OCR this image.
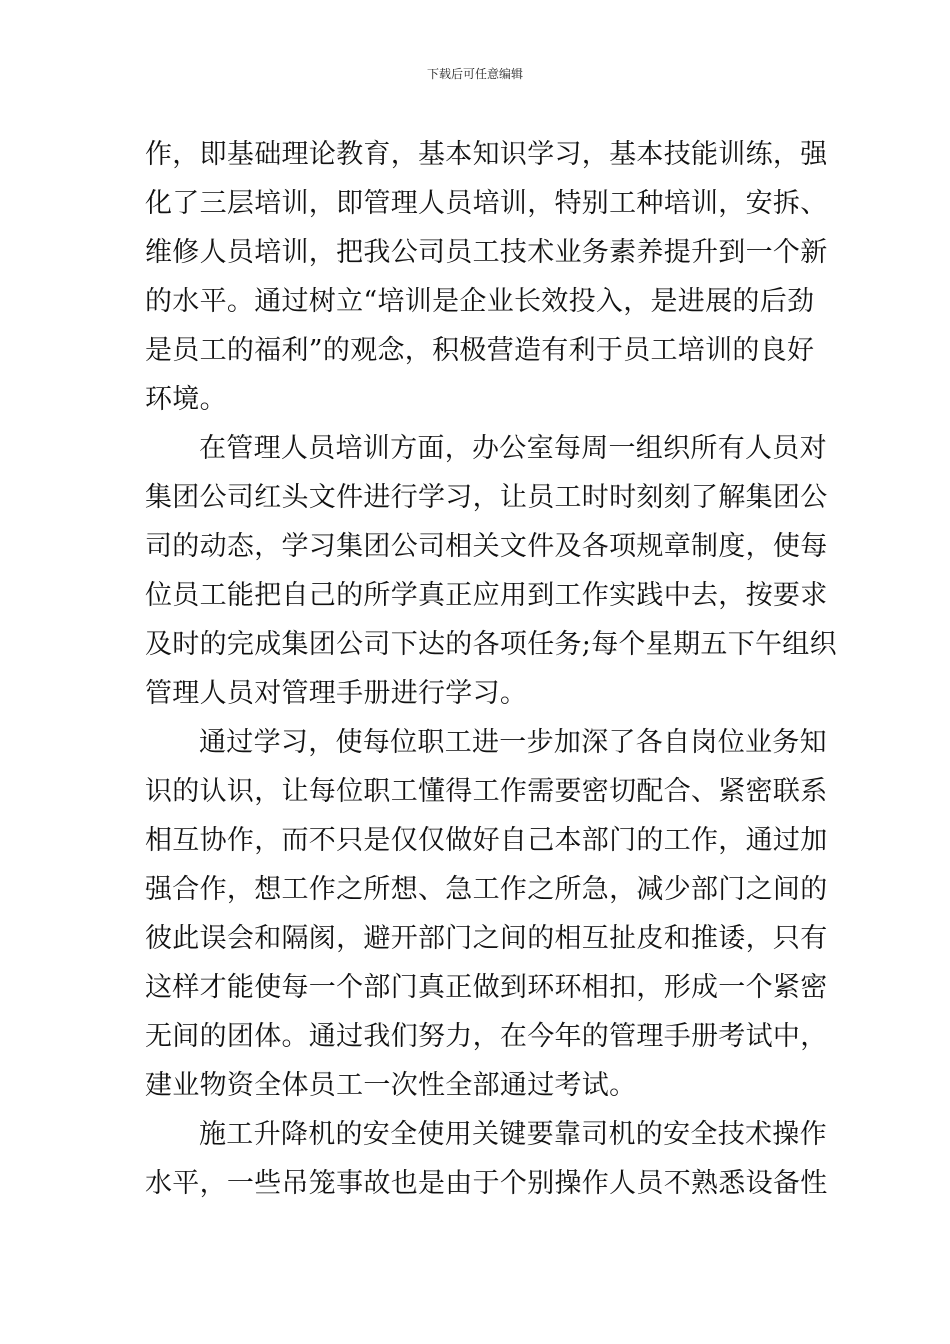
下载后可任意编辑
作，即基础理论教育，基本知识学习，基本技能训练，强
化了三层培训，即管理人员培训，特别工种培训，安拆、
维修人员培训，把我公司员工技术业务素养提升到一个新
的水平。通过树立“培训是企业长效投入，是进展的后劲
是员工的福利”的观念，积极营造有利于员工培训的良好
环境。
在管理人员培训方面，办公室每周一组织所有人员对
集团公司红头文件进行学习，让员工时时刻刻了解集团公
司的动态，学习集团公司相关文件及各项规章制度，使每
位员工能把自己的所学真正应用到工作实践中去，按要求
及时的完成集团公司下达的各项任务;每个星期五下午组织
管理人员对管理手册进行学习。
通过学习，使每位职工进一步加深了各自岗位业务知
识的认识，让每位职工懂得工作需要密切配合、紧密联系
相互协作，而不只是仅仅做好自己本部门的工作，通过加
强合作，想工作之所想、急工作之所急，减少部门之间的
彼此误会和隔阂，避开部门之间的相互扯皮和推诿，只有
这样才能使每一个部门真正做到环环相扣，形成一个紧密
无间的团体。通过我们努力，在今年的管理手册考试中，
建业物资全体员工一次性全部通过考试。
施工升降机的安全使用关键要靠司机的安全技术操作
水平，一些吊笼事故也是由于个别操作人员不熟悉设备性
